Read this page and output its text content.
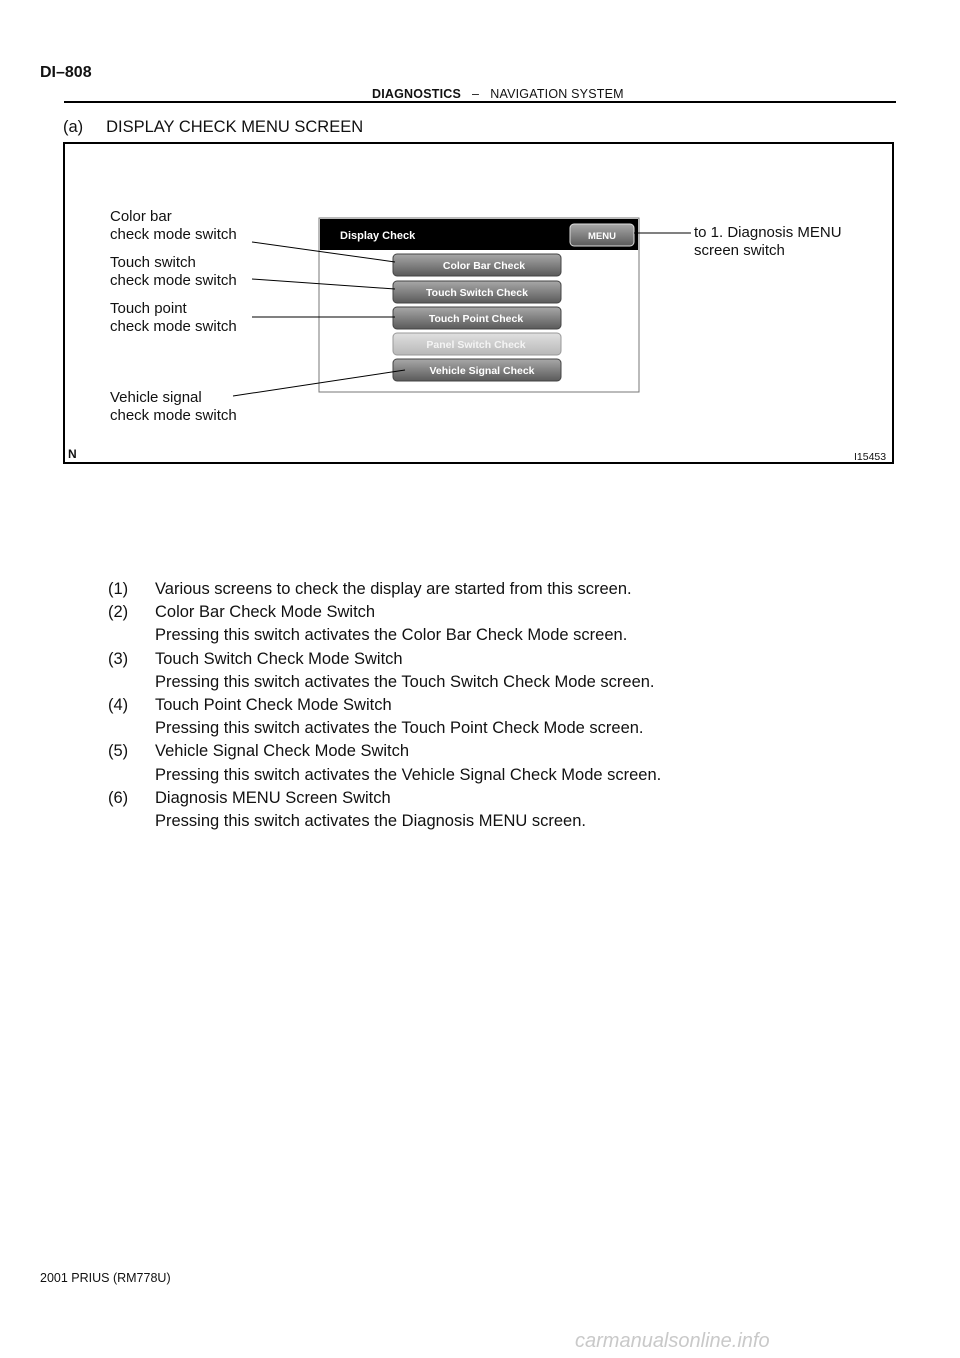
DI–808
DIAGNOSTICS – NAVIGATION SYSTEM
(a)     DISPLAY CHECK MENU SCREEN
Display Check	MENU
Color Bar Check
Touch Switch Check
Touch Point Check
Panel Switch Check
Vehicle Signal Check
Color bar
check mode switch
Touch switch
check mode switch
Touch point
check mode switch
Vehicle signal
check mode switch
to 1. Diagnosis MENU
screen switch
N	I15453
(1)	Various screens to check the display are started from this screen.
(2)	Color Bar Check Mode Switch
Pressing this switch activates the Color Bar Check Mode screen.
(3)	Touch Switch Check Mode Switch
Pressing this switch activates the Touch Switch Check Mode screen.
(4)	Touch Point Check Mode Switch
Pressing this switch activates the Touch Point Check Mode screen.
(5)	Vehicle Signal Check Mode Switch
Pressing this switch activates the Vehicle Signal Check Mode screen.
(6)	Diagnosis MENU Screen Switch
Pressing this switch activates the Diagnosis MENU screen.
2001 PRIUS (RM778U)
carmanualsonline.info
